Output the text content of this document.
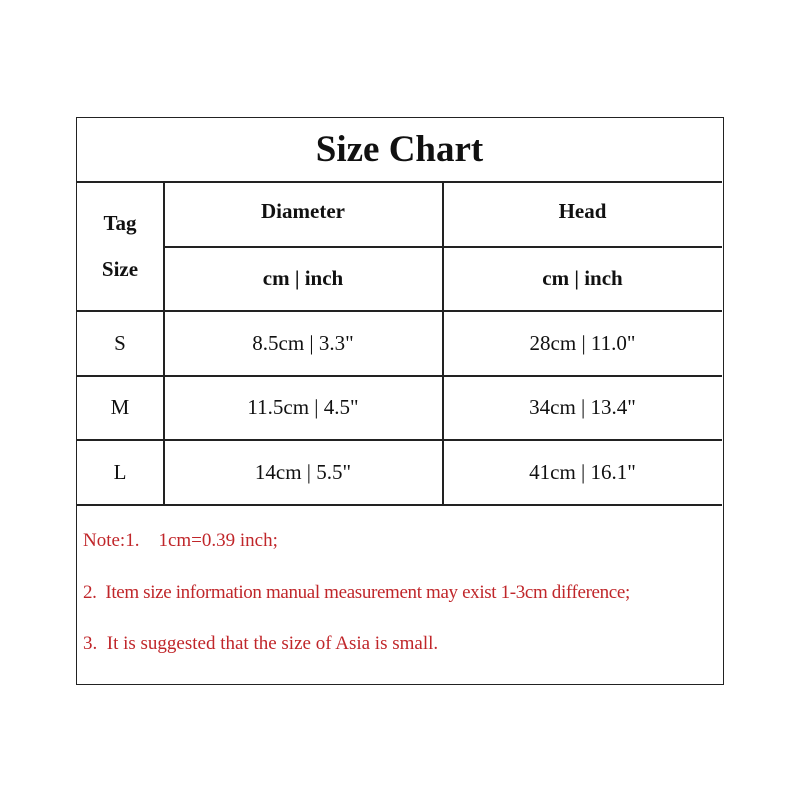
Size Chart
Tag
Size
Diameter	Head
cm | inch	cm | inch
S	8.5cm | 3.3"	28cm | 11.0"
M	11.5cm | 4.5"	34cm | 13.4"
L	14cm | 5.5"	41cm | 16.1"
Note:1.    1cm=0.39 inch;
2.  Item size information manual measurement may exist 1-3cm difference;
3.  It is suggested that the size of Asia is small.
